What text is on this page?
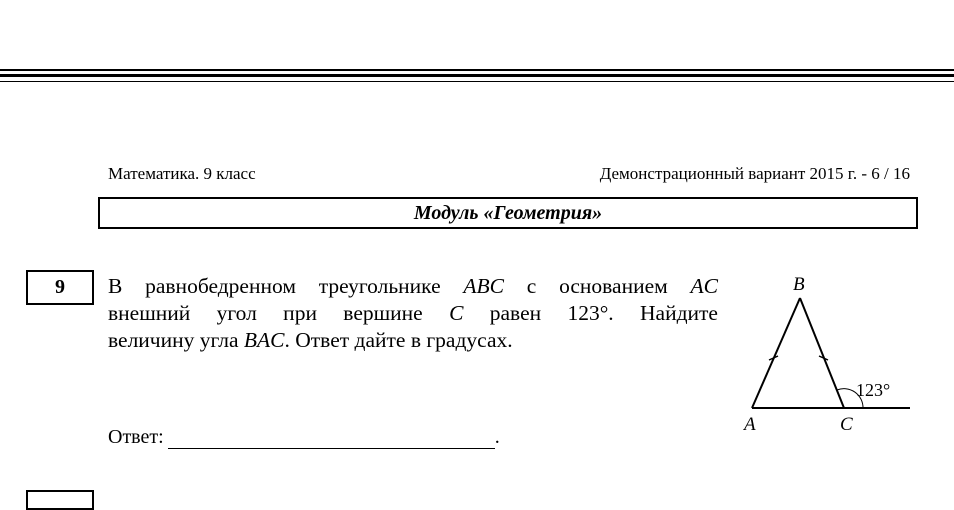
Математика. 9 класс	Демонстрационный вариант 2015 г. - 6 / 16
Модуль «Геометрия»
9	В равнобедренном треугольнике ABC с основанием AC
внешний угол при вершине C равен 123°. Найдите
величину угла BAC. Ответ дайте в градусах.
Ответ:	.
B
A	C
123°
